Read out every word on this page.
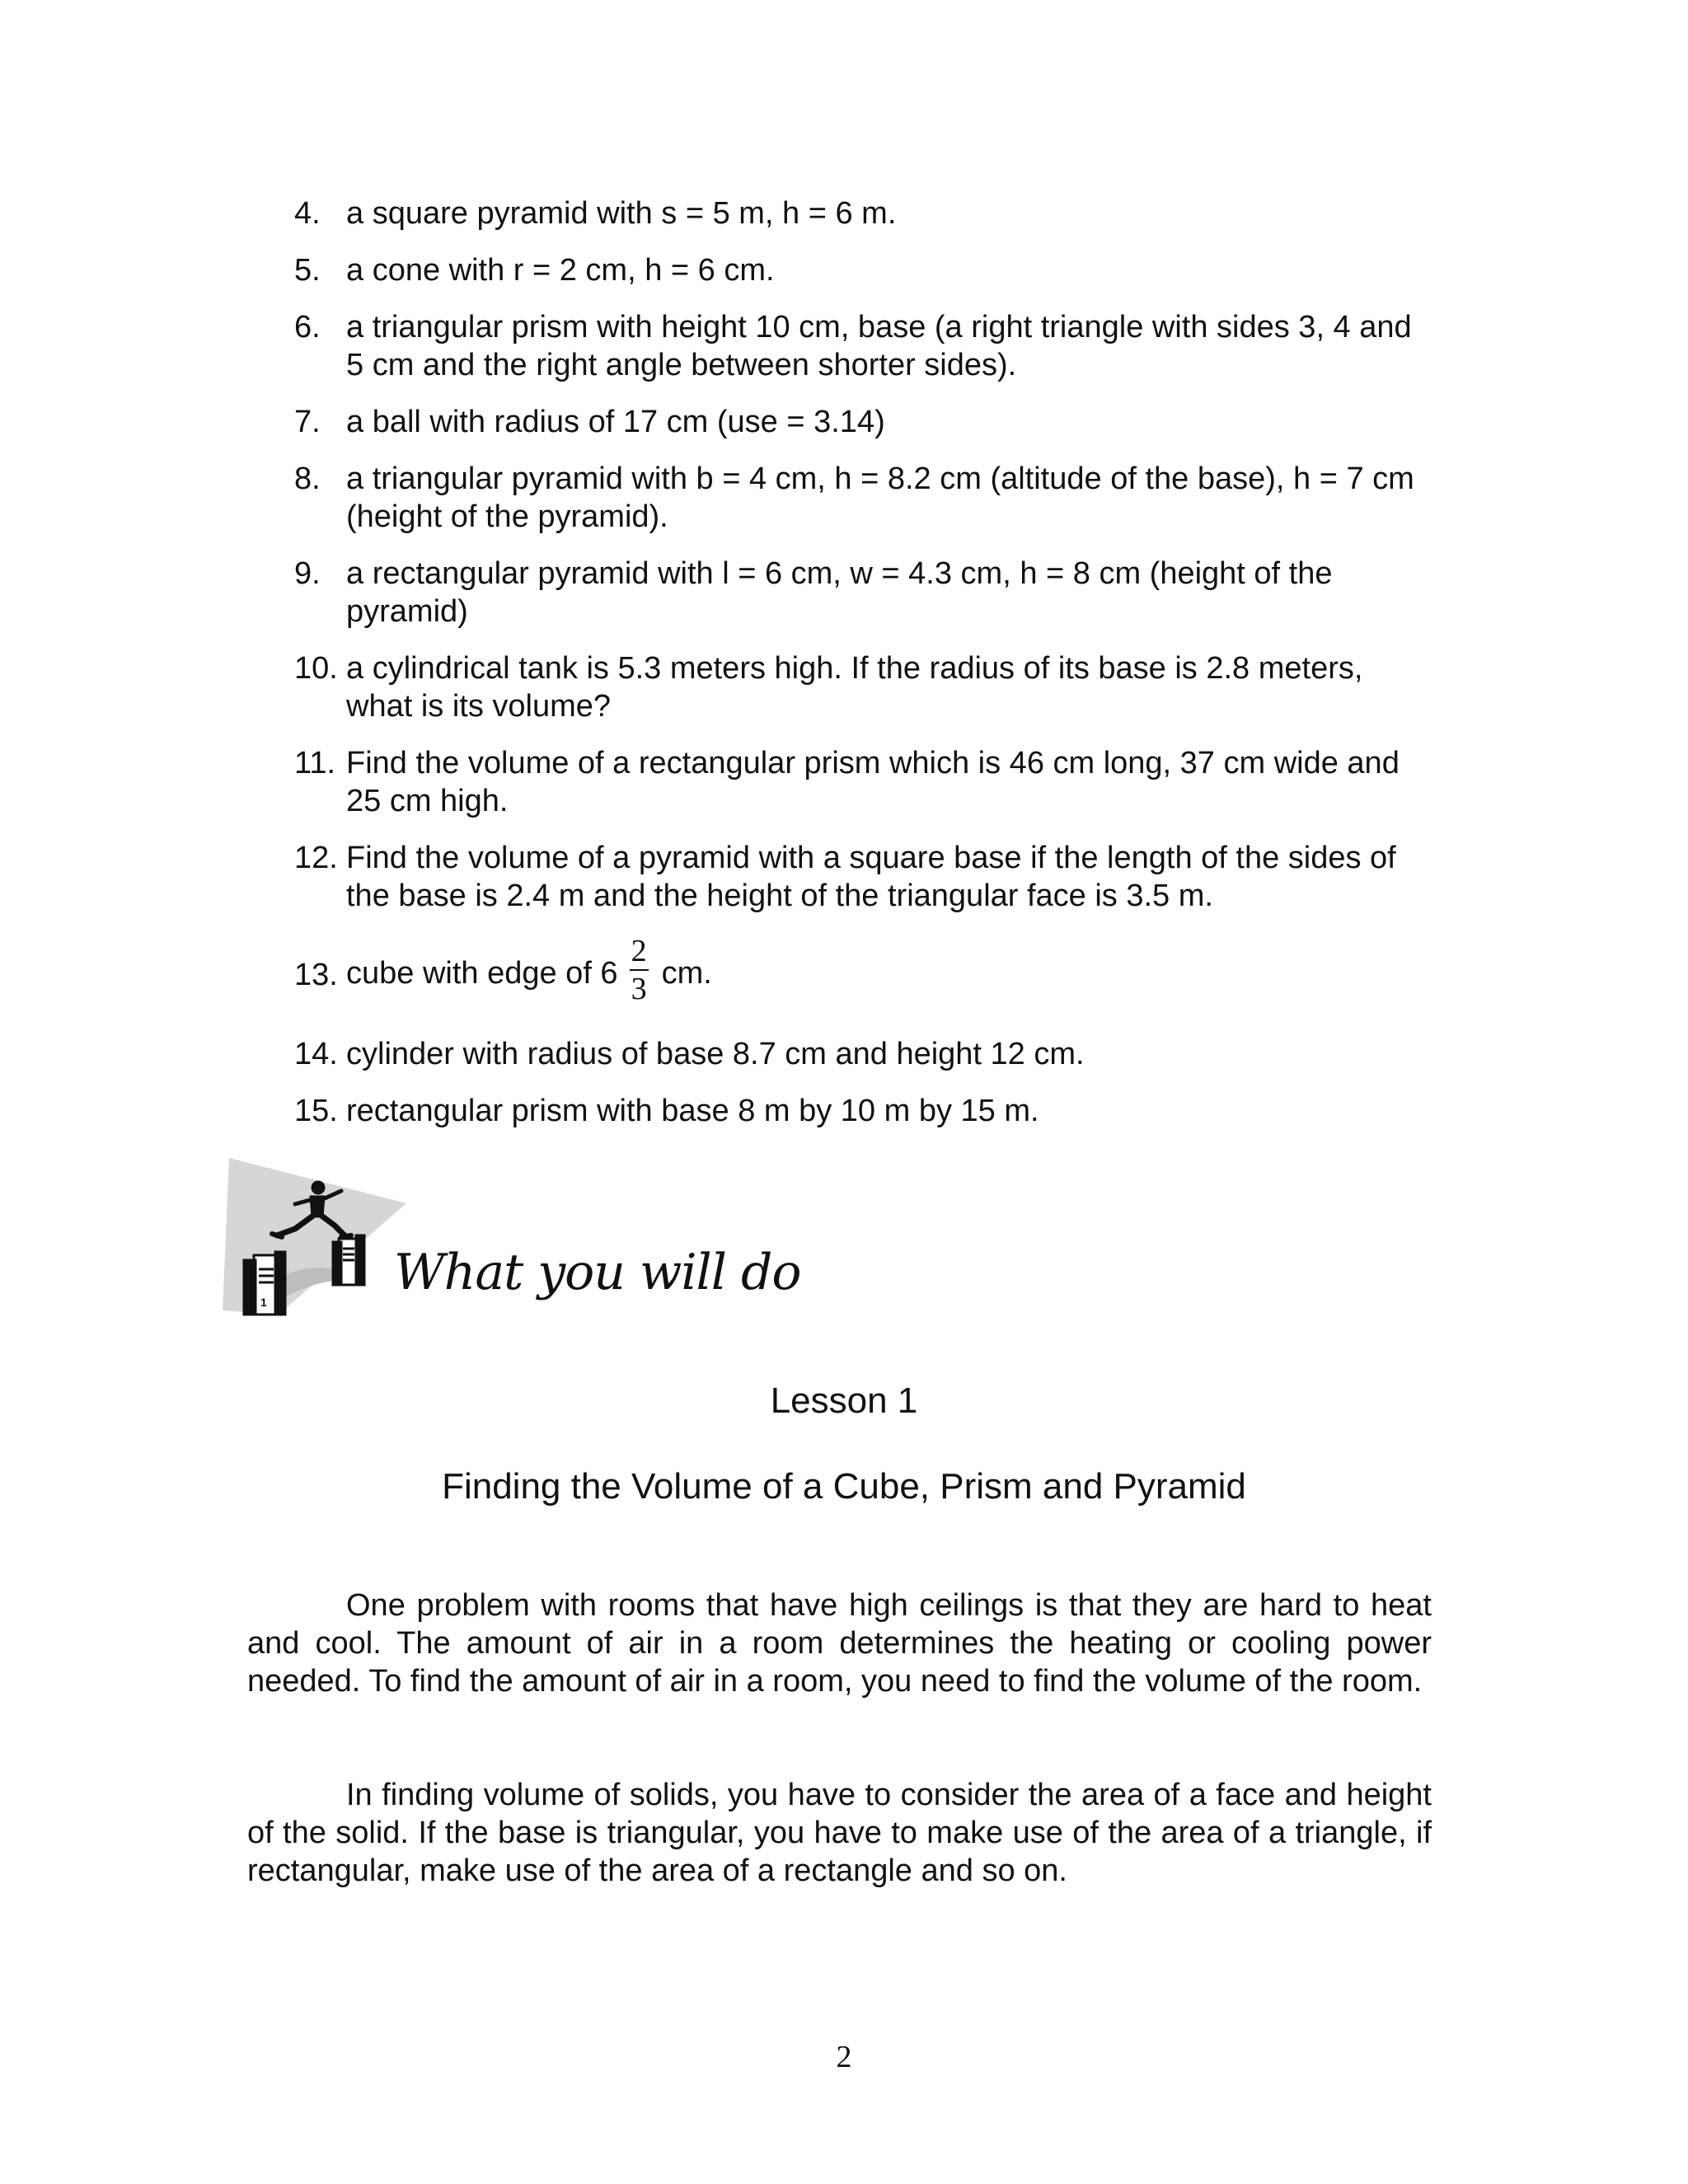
4. a square pyramid with s = 5 m, h = 6 m.
5. a cone with r = 2 cm, h = 6 cm.
6. a triangular prism with height 10 cm, base (a right triangle with sides 3, 4 and 5 cm and the right angle between shorter sides).
7. a ball with radius of 17 cm (use = 3.14)
8. a triangular pyramid with b = 4 cm, h = 8.2 cm (altitude of the base), h = 7 cm (height of the pyramid).
9. a rectangular pyramid with l = 6 cm, w = 4.3 cm, h = 8 cm (height of the pyramid)
10. a cylindrical tank is 5.3 meters high. If the radius of its base is 2.8 meters, what is its volume?
11. Find the volume of a rectangular prism which is 46 cm long, 37 cm wide and 25 cm high.
12. Find the volume of a pyramid with a square base if the length of the sides of the base is 2.4 m and the height of the triangular face is 3.5 m.
13. cube with edge of $6 \frac{2}{3}$ cm.
14. cylinder with radius of base 8.7 cm and height 12 cm.
15. rectangular prism with base 8 m by 10 m by 15 m.
1
What you will do
Lesson 1
Finding the Volume of a Cube, Prism and Pyramid

One problem with rooms that have high ceilings is that they are hard to heat and cool. The amount of air in a room determines the heating or cooling power needed. To find the amount of air in a room, you need to find the volume of the room.

In finding volume of solids, you have to consider the area of a face and height of the solid. If the base is triangular, you have to make use of the area of a triangle, if rectangular, make use of the area of a rectangle and so on.

2
